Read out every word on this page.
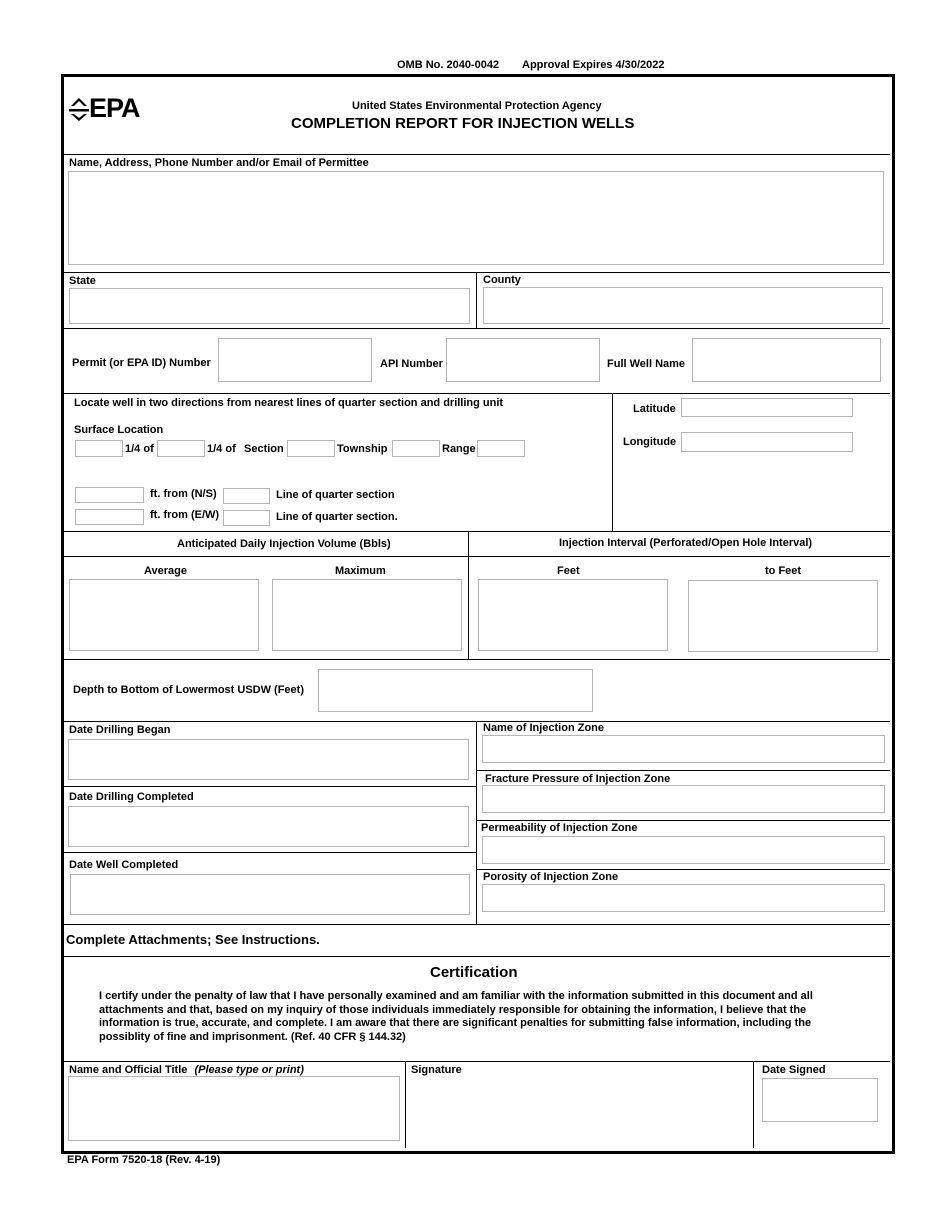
OMB No. 2040-0042 Approval Expires 4/30/2022
EPA	United States Environmental Protection Agency
COMPLETION REPORT FOR INJECTION WELLS
Name, Address, Phone Number and/or Email of Permittee
State	County
Permit (or EPA ID) Number	API Number	Full Well Name
Locate well in two directions from nearest lines of quarter section and drilling unit
Surface Location
1/4 of	1/4 of Section	Township	Range
ft. from (N/S)	Line of quarter section
ft. from (E/W)	Line of quarter section.
Latitude
Longitude
Anticipated Daily Injection Volume (Bbls)	Injection Interval (Perforated/Open Hole Interval)
Average	Maximum	Feet	to Feet
Depth to Bottom of Lowermost USDW (Feet)
Date Drilling Began
Date Drilling Completed
Date Well Completed
Name of Injection Zone
Fracture Pressure of Injection Zone
Permeability of Injection Zone
Porosity of Injection Zone
Complete Attachments; See Instructions.
Certification
I certify under the penalty of law that I have personally examined and am familiar with the information submitted in this document and all attachments and that, based on my inquiry of those individuals immediately responsible for obtaining the information, I believe that the information is true, accurate, and complete. I am aware that there are significant penalties for submitting false information, including the possiblity of fine and imprisonment. (Ref. 40 CFR § 144.32)
Name and Official Title (Please type or print)	Signature	Date Signed
EPA Form 7520-18 (Rev. 4-19)
